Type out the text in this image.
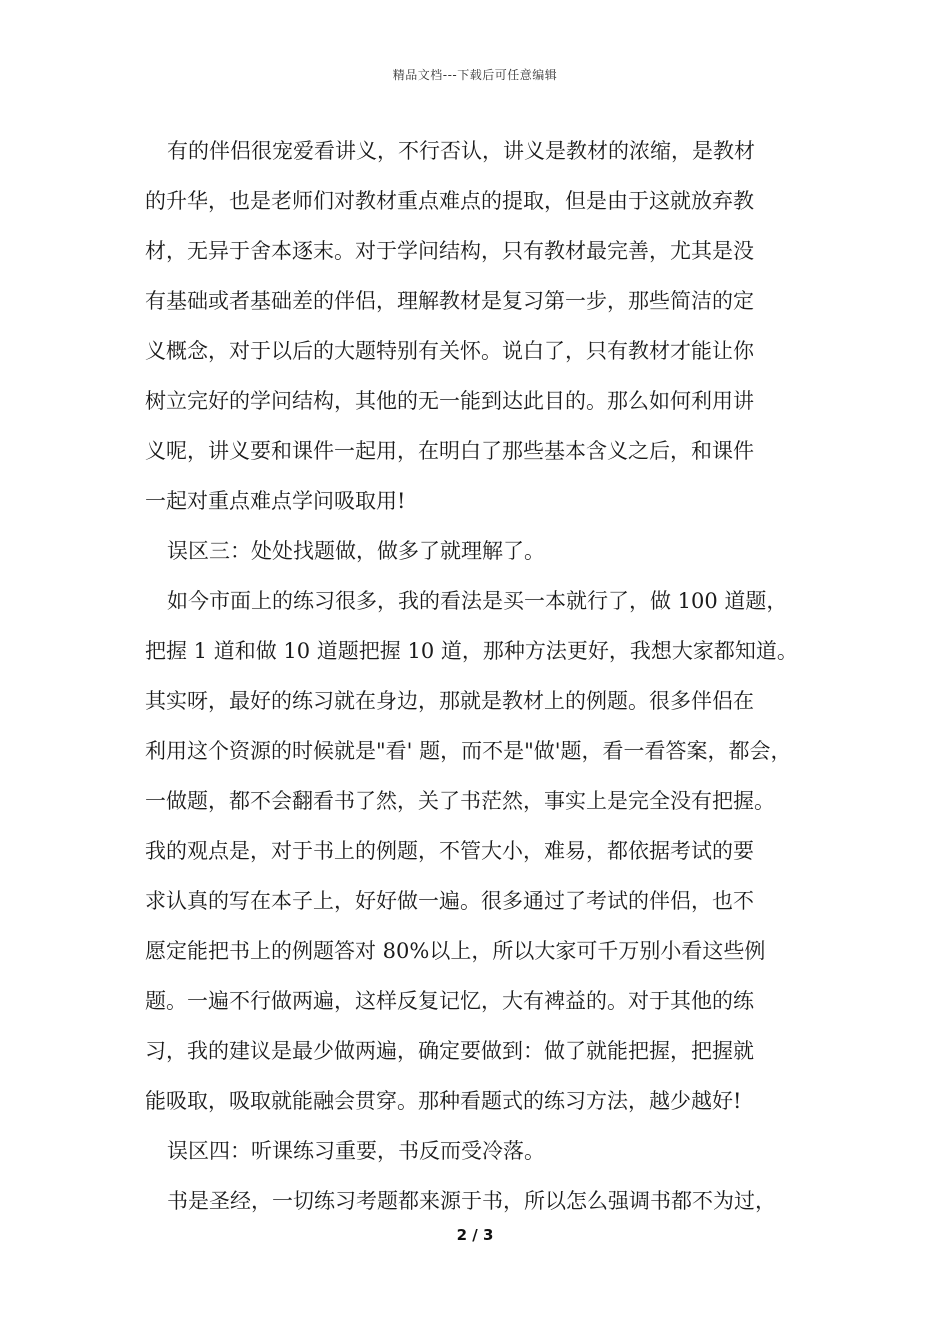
精品文档---下载后可任意编辑
有的伴侣很宠爱看讲义，不行否认，讲义是教材的浓缩，是教材
的升华，也是老师们对教材重点难点的提取，但是由于这就放弃教
材，无异于舍本逐末。对于学问结构，只有教材最完善，尤其是没
有基础或者基础差的伴侣，理解教材是复习第一步，那些简洁的定
义概念，对于以后的大题特别有关怀。说白了，只有教材才能让你
树立完好的学问结构，其他的无一能到达此目的。那么如何利用讲
义呢，讲义要和课件一起用，在明白了那些基本含义之后，和课件
一起对重点难点学问吸取用!
误区三：处处找题做，做多了就理解了。
如今市面上的练习很多，我的看法是买一本就行了，做 100 道题，
把握 1 道和做 10 道题把握 10 道，那种方法更好，我想大家都知道。
其实呀，最好的练习就在身边，那就是教材上的例题。很多伴侣在
利用这个资源的时候就是"看' 题，而不是"做'题，看一看答案，都会，
一做题，都不会翻看书了然，关了书茫然，事实上是完全没有把握。
我的观点是，对于书上的例题，不管大小，难易，都依据考试的要
求认真的写在本子上，好好做一遍。很多通过了考试的伴侣，也不
愿定能把书上的例题答对 80%以上，所以大家可千万别小看这些例
题。一遍不行做两遍，这样反复记忆，大有裨益的。对于其他的练
习，我的建议是最少做两遍，确定要做到：做了就能把握，把握就
能吸取，吸取就能融会贯穿。那种看题式的练习方法，越少越好!
误区四：听课练习重要，书反而受冷落。
书是圣经，一切练习考题都来源于书，所以怎么强调书都不为过，
2 / 3
